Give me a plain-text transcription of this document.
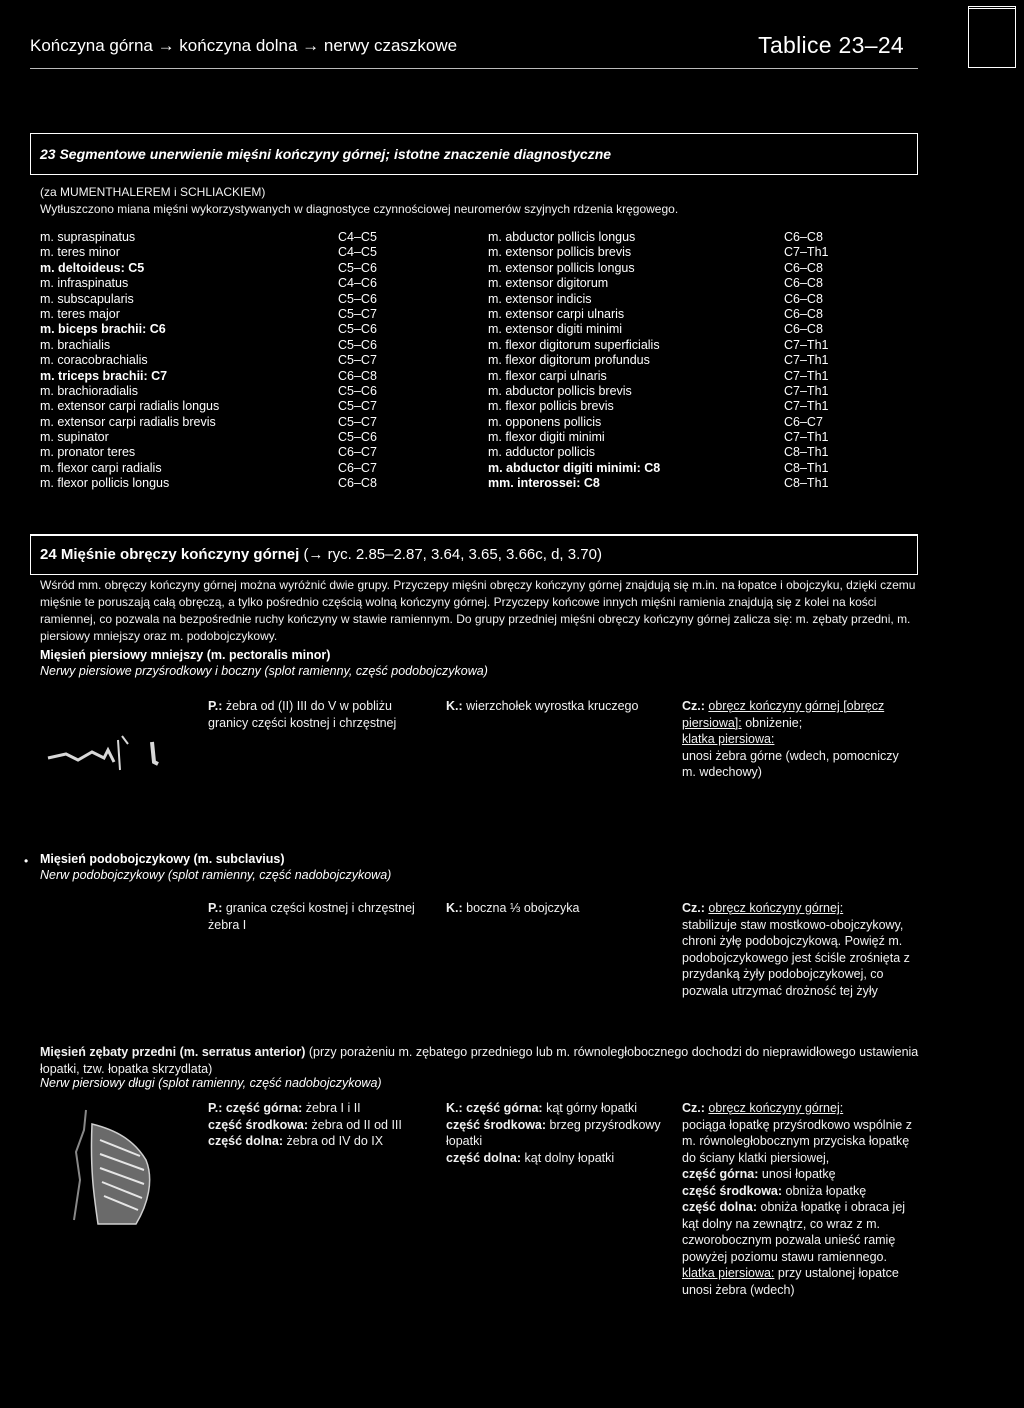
Kończyna górna → kończyna dolna → nerwy czaszkowe	Tablice 23–24
23 Segmentowe unerwienie mięśni kończyny górnej; istotne znaczenie diagnostyczne
(za MUMENTHALEREM i SCHLIACKIEM)
Wytłuszczono miana mięśni wykorzystywanych w diagnostyce czynnościowej neuromerów szyjnych rdzenia kręgowego.
m. supraspinatus	C4–C5
m. teres minor	C4–C5
m. deltoideus: C5	C5–C6
m. infraspinatus	C4–C6
m. subscapularis	C5–C6
m. teres major	C5–C7
m. biceps brachii: C6	C5–C6
m. brachialis	C5–C6
m. coracobrachialis	C5–C7
m. triceps brachii: C7	C6–C8
m. brachioradialis	C5–C6
m. extensor carpi radialis longus	C5–C7
m. extensor carpi radialis brevis	C5–C7
m. supinator	C5–C6
m. pronator teres	C6–C7
m. flexor carpi radialis	C6–C7
m. flexor pollicis longus	C6–C8
m. abductor pollicis longus	C6–C8
m. extensor pollicis brevis	C7–Th1
m. extensor pollicis longus	C6–C8
m. extensor digitorum	C6–C8
m. extensor indicis	C6–C8
m. extensor carpi ulnaris	C6–C8
m. extensor digiti minimi	C6–C8
m. flexor digitorum superficialis	C7–Th1
m. flexor digitorum profundus	C7–Th1
m. flexor carpi ulnaris	C7–Th1
m. abductor pollicis brevis	C7–Th1
m. flexor pollicis brevis	C7–Th1
m. opponens pollicis	C6–C7
m. flexor digiti minimi	C7–Th1
m. adductor pollicis	C8–Th1
m. abductor digiti minimi: C8	C8–Th1
mm. interossei: C8	C8–Th1
24 Mięśnie obręczy kończyny górnej (→ ryc. 2.85–2.87, 3.64, 3.65, 3.66c, d, 3.70)
Wśród mm. obręczy kończyny górnej można wyróżnić dwie grupy. Przyczepy mięśni obręczy kończyny górnej znajdują się m.in. na łopatce i obojczyku, dzięki czemu mięśnie te poruszają całą obręczą, a tylko pośrednio częścią wolną kończyny górnej. Przyczepy końcowe innych mięśni ramienia znajdują się z kolei na kości ramiennej, co pozwala na bezpośrednie ruchy kończyny w stawie ramiennym. Do grupy przedniej mięśni obręczy kończyny górnej zalicza się: m. zębaty przedni, m. piersiowy mniejszy oraz m. podobojczykowy.
Mięsień piersiowy mniejszy (m. pectoralis minor)
Nerwy piersiowe przyśrodkowy i boczny (splot ramienny, część podobojczykowa)
P.: żebra od (II) III do V w pobliżu granicy części kostnej i chrzęstnej
K.: wierzchołek wyrostka kruczego	Cz.: obręcz kończyny górnej [obręcz piersiowa]: obniżenie;
klatka piersiowa:
unosi żebra górne (wdech, pomocniczy m. wdechowy)
• Mięsień podobojczykowy (m. subclavius)
Nerw podobojczykowy (splot ramienny, część nadobojczykowa)
P.: granica części kostnej i chrzęstnej żebra I
K.: boczna ⅓ obojczyka	Cz.: obręcz kończyny górnej:
stabilizuje staw mostkowo-obojczykowy, chroni żyłę podobojczykową. Powięź m. podobojczykowego jest ściśle zrośnięta z przydanką żyły podobojczykowej, co pozwala utrzymać drożność tej żyły
Mięsień zębaty przedni (m. serratus anterior) (przy porażeniu m. zębatego przedniego lub m. równoległobocznego dochodzi do nieprawidłowego ustawienia łopatki, tzw. łopatka skrzydlata)
Nerw piersiowy długi (splot ramienny, część nadobojczykowa)
P.: część górna: żebra I i II
część środkowa: żebra od II od III
część dolna: żebra od IV do IX
K.: część górna: kąt górny łopatki
część środkowa: brzeg przyśrodkowy łopatki
część dolna: kąt dolny łopatki
Cz.: obręcz kończyny górnej:
pociąga łopatkę przyśrodkowo wspólnie z m. równoległobocznym przyciska łopatkę do ściany klatki piersiowej,
część górna: unosi łopatkę
część środkowa: obniża łopatkę
część dolna: obniża łopatkę i obraca jej kąt dolny na zewnątrz, co wraz z m. czworobocznym pozwala unieść ramię powyżej poziomu stawu ramiennego.
klatka piersiowa: przy ustalonej łopatce unosi żebra (wdech)
